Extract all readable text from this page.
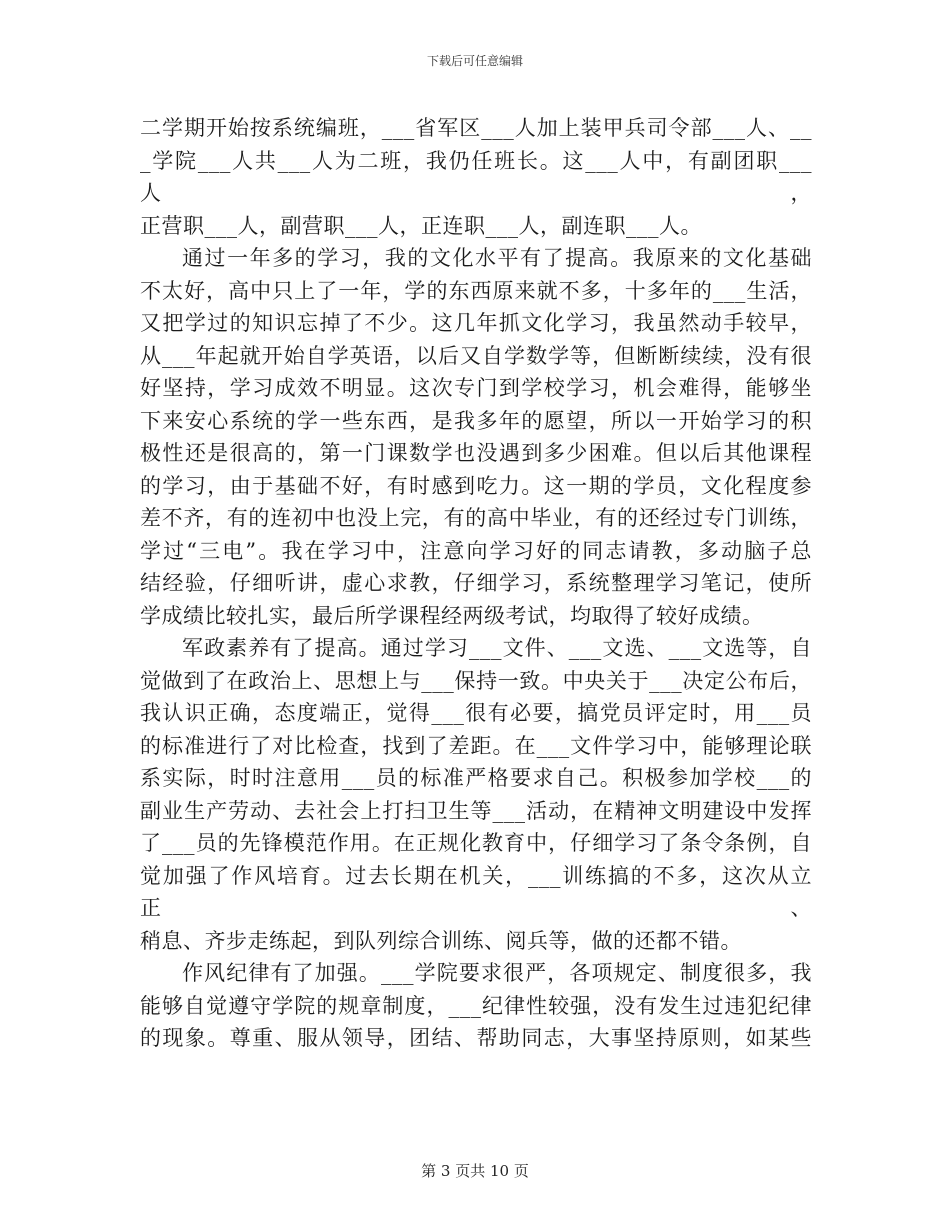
下载后可任意编辑

二学期开始按系统编班，___省军区___人加上装甲兵司令部___人、__

_学院___人共___人为二班，我仍任班长。这___人中，有副团职___人，

正营职___人，副营职___人，正连职___人，副连职___人。

通过一年多的学习，我的文化水平有了提高。我原来的文化基础

不太好，高中只上了一年，学的东西原来就不多，十多年的___生活，

又把学过的知识忘掉了不少。这几年抓文化学习，我虽然动手较早，

从___年起就开始自学英语，以后又自学数学等，但断断续续，没有很

好坚持，学习成效不明显。这次专门到学校学习，机会难得，能够坐

下来安心系统的学一些东西，是我多年的愿望，所以一开始学习的积

极性还是很高的，第一门课数学也没遇到多少困难。但以后其他课程

的学习，由于基础不好，有时感到吃力。这一期的学员，文化程度参

差不齐，有的连初中也没上完，有的高中毕业，有的还经过专门训练，

学过“三电”。我在学习中，注意向学习好的同志请教，多动脑子总

结经验，仔细听讲，虚心求教，仔细学习，系统整理学习笔记，使所

学成绩比较扎实，最后所学课程经两级考试，均取得了较好成绩。

军政素养有了提高。通过学习___文件、___文选、___文选等，自

觉做到了在政治上、思想上与___保持一致。中央关于___决定公布后，

我认识正确，态度端正，觉得___很有必要，搞党员评定时，用___员

的标准进行了对比检查，找到了差距。在___文件学习中，能够理论联

系实际，时时注意用___员的标准严格要求自己。积极参加学校___的

副业生产劳动、去社会上打扫卫生等___活动，在精神文明建设中发挥

了___员的先锋模范作用。在正规化教育中，仔细学习了条令条例，自

觉加强了作风培育。过去长期在机关，___训练搞的不多，这次从立正、

稍息、齐步走练起，到队列综合训练、阅兵等，做的还都不错。

作风纪律有了加强。___学院要求很严，各项规定、制度很多，我

能够自觉遵守学院的规章制度，___纪律性较强，没有发生过违犯纪律

的现象。尊重、服从领导，团结、帮助同志，大事坚持原则，如某些

第 3 页共 10 页
